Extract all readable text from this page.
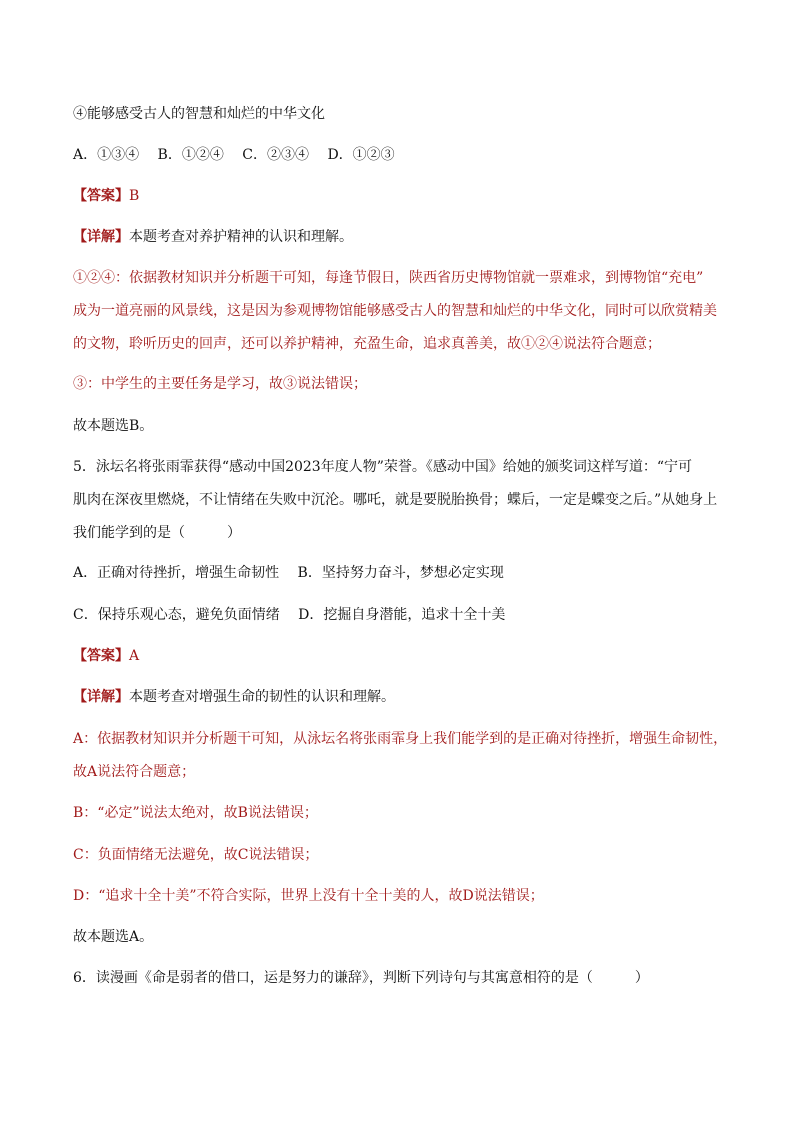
④能够感受古人的智慧和灿烂的中华文化
A．①③④　 B．①②④　 C．②③④　 D．①②③
【答案】B
【详解】本题考查对养护精神的认识和理解。
①②④：依据教材知识并分析题干可知，每逢节假日，陕西省历史博物馆就一票难求，到博物馆“充电”
成为一道亮丽的风景线，这是因为参观博物馆能够感受古人的智慧和灿烂的中华文化，同时可以欣赏精美
的文物，聆听历史的回声，还可以养护精神，充盈生命，追求真善美，故①②④说法符合题意；
③：中学生的主要任务是学习，故③说法错误；
故本题选B。
5．泳坛名将张雨霏获得“感动中国2023年度人物”荣誉。《感动中国》给她的颁奖词这样写道：“宁可
肌肉在深夜里燃烧，不让情绪在失败中沉沦。哪吒，就是要脱胎换骨；蝶后，一定是蝶变之后。”从她身上
我们能学到的是（　　　）
A．正确对待挫折，增强生命韧性　 B．坚持努力奋斗，梦想必定实现
C．保持乐观心态，避免负面情绪　 D．挖掘自身潜能，追求十全十美
【答案】A
【详解】本题考查对增强生命的韧性的认识和理解。
A：依据教材知识并分析题干可知，从泳坛名将张雨霏身上我们能学到的是正确对待挫折，增强生命韧性，
故A说法符合题意；
B：“必定”说法太绝对，故B说法错误；
C：负面情绪无法避免，故C说法错误；
D：“追求十全十美”不符合实际，世界上没有十全十美的人，故D说法错误；
故本题选A。
6．读漫画《命是弱者的借口，运是努力的谦辞》，判断下列诗句与其寓意相符的是（　　　）
